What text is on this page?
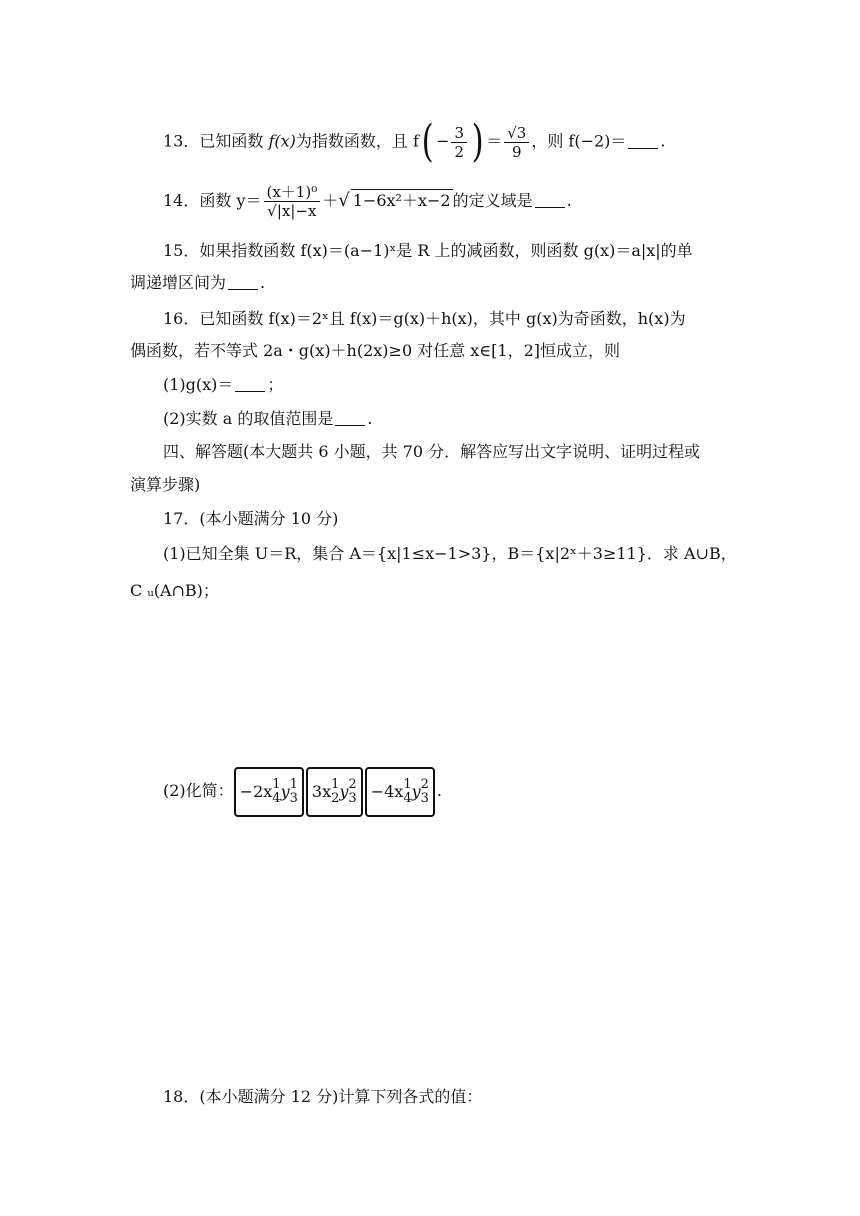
13．已知函数 f(x)为指数函数，且 $f( - \frac{3}{2}$ ) ＝ $\frac{√3}{9}$ ，则 f(−2)＝ .
14．函数 $y= \frac{\text{(x＋1)⁰}}{√|x|-x}$ ＋√ 1−6x²＋x−2 的定义域是 .
15．如果指数函数 f(x)＝(a−1)ˣ是 R 上的减函数，则函数 g(x)＝a|x|的单
调递增区间为 .
16．已知函数 f(x)＝2ˣ且 f(x)＝g(x)＋h(x)，其中 g(x)为奇函数，h(x)为
偶函数，若不等式 2a・g(x)＋h(2x)≥0 对任意 x∈[1，2]恒成立，则
(1)g(x)＝ ；
(2)实数 a 的取值范围是 .
四、解答题(本大题共 6 小题，共 70 分．解答应写出文字说明、证明过程或
演算步骤)
17．(本小题满分 10 分)
(1)已知全集 U＝R，集合 A＝{x|1≤x−1>3}，B＝{x|2ˣ＋3≥11}．求 A∪B，
C ᵤ(A∩B)；
(2)化简： −2x 1
4 y 1
3 3x 1
2 y 2
3 −4x 1
4 y 2
3 .
18．(本小题满分 12 分)计算下列各式的值：
